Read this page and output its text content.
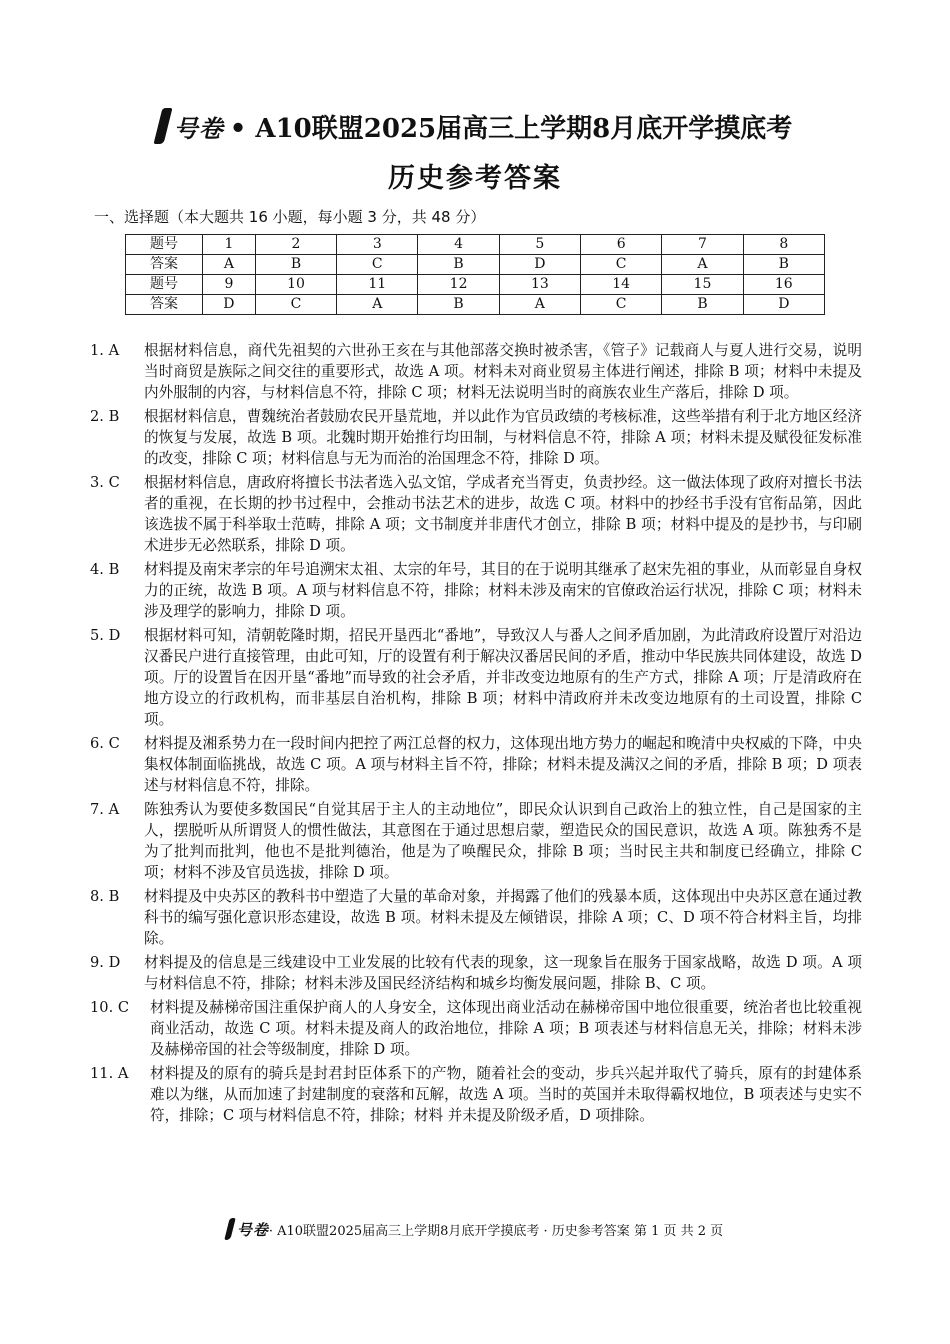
号卷 • A10联盟2025届高三上学期8月底开学摸底考
历史参考答案
一、选择题（本大题共 16 小题，每小题 3 分，共 48 分）
题号	1	2	3	4	5	6	7	8
答案	A	B	C	B	D	C	A	B
题号	9	10	11	12	13	14	15	16
答案	D	C	A	B	A	C	B	D
1. A	根据材料信息，商代先祖契的六世孙王亥在与其他部落交换时被杀害，《管子》记载商人与夏人进行交易，说明当时商贸是族际之间交往的重要形式，故选 A 项。材料未对商业贸易主体进行阐述，排除 B 项；材料中未提及内外服制的内容，与材料信息不符，排除 C 项；材料无法说明当时的商族农业生产落后，排除 D 项。
2. B	根据材料信息，曹魏统治者鼓励农民开垦荒地，并以此作为官员政绩的考核标准，这些举措有利于北方地区经济的恢复与发展，故选 B 项。北魏时期开始推行均田制，与材料信息不符，排除 A 项；材料未提及赋役征发标准的改变，排除 C 项；材料信息与无为而治的治国理念不符，排除 D 项。
3. C	根据材料信息，唐政府将擅长书法者选入弘文馆，学成者充当胥吏，负责抄经。这一做法体现了政府对擅长书法者的重视，在长期的抄书过程中，会推动书法艺术的进步，故选 C 项。材料中的抄经书手没有官衔品第，因此该选拔不属于科举取士范畴，排除 A 项；文书制度并非唐代才创立，排除 B 项；材料中提及的是抄书，与印刷术进步无必然联系，排除 D 项。
4. B	材料提及南宋孝宗的年号追溯宋太祖、太宗的年号，其目的在于说明其继承了赵宋先祖的事业，从而彰显自身权力的正统，故选 B 项。A 项与材料信息不符，排除；材料未涉及南宋的官僚政治运行状况，排除 C 项；材料未涉及理学的影响力，排除 D 项。
5. D	根据材料可知，清朝乾隆时期，招民开垦西北“番地”，导致汉人与番人之间矛盾加剧，为此清政府设置厅对沿边汉番民户进行直接管理，由此可知，厅的设置有利于解决汉番居民间的矛盾，推动中华民族共同体建设，故选 D 项。厅的设置旨在因开垦“番地”而导致的社会矛盾，并非改变边地原有的生产方式，排除 A 项；厅是清政府在地方设立的行政机构，而非基层自治机构，排除 B 项；材料中清政府并未改变边地原有的土司设置，排除 C 项。
6. C	材料提及湘系势力在一段时间内把控了两江总督的权力，这体现出地方势力的崛起和晚清中央权威的下降，中央集权体制面临挑战，故选 C 项。A 项与材料主旨不符，排除；材料未提及满汉之间的矛盾，排除 B 项；D 项表述与材料信息不符，排除。
7. A	陈独秀认为要使多数国民“自觉其居于主人的主动地位”，即民众认识到自己政治上的独立性，自己是国家的主人，摆脱听从所谓贤人的惯性做法，其意图在于通过思想启蒙，塑造民众的国民意识，故选 A 项。陈独秀不是为了批判而批判，他也不是批判德治，他是为了唤醒民众，排除 B 项；当时民主共和制度已经确立，排除 C 项；材料不涉及官员选拔，排除 D 项。
8. B	材料提及中央苏区的教科书中塑造了大量的革命对象，并揭露了他们的残暴本质，这体现出中央苏区意在通过教科书的编写强化意识形态建设，故选 B 项。材料未提及左倾错误，排除 A 项；C、D 项不符合材料主旨，均排除。
9. D	材料提及的信息是三线建设中工业发展的比较有代表的现象，这一现象旨在服务于国家战略，故选 D 项。A 项与材料信息不符，排除；材料未涉及国民经济结构和城乡均衡发展问题，排除 B、C 项。
10. C	材料提及赫梯帝国注重保护商人的人身安全，这体现出商业活动在赫梯帝国中地位很重要，统治者也比较重视商业活动，故选 C 项。材料未提及商人的政治地位，排除 A 项；B 项表述与材料信息无关，排除；材料未涉及赫梯帝国的社会等级制度，排除 D 项。
11. A	材料提及的原有的骑兵是封君封臣体系下的产物，随着社会的变动，步兵兴起并取代了骑兵，原有的封建体系难以为继，从而加速了封建制度的衰落和瓦解，故选 A 项。当时的英国并未取得霸权地位，B 项表述与史实不符，排除；C 项与材料信息不符，排除；材料 并未提及阶级矛盾，D 项排除。
号卷 · A10联盟2025届高三上学期8月底开学摸底考 · 历史参考答案 第 1 页 共 2 页
